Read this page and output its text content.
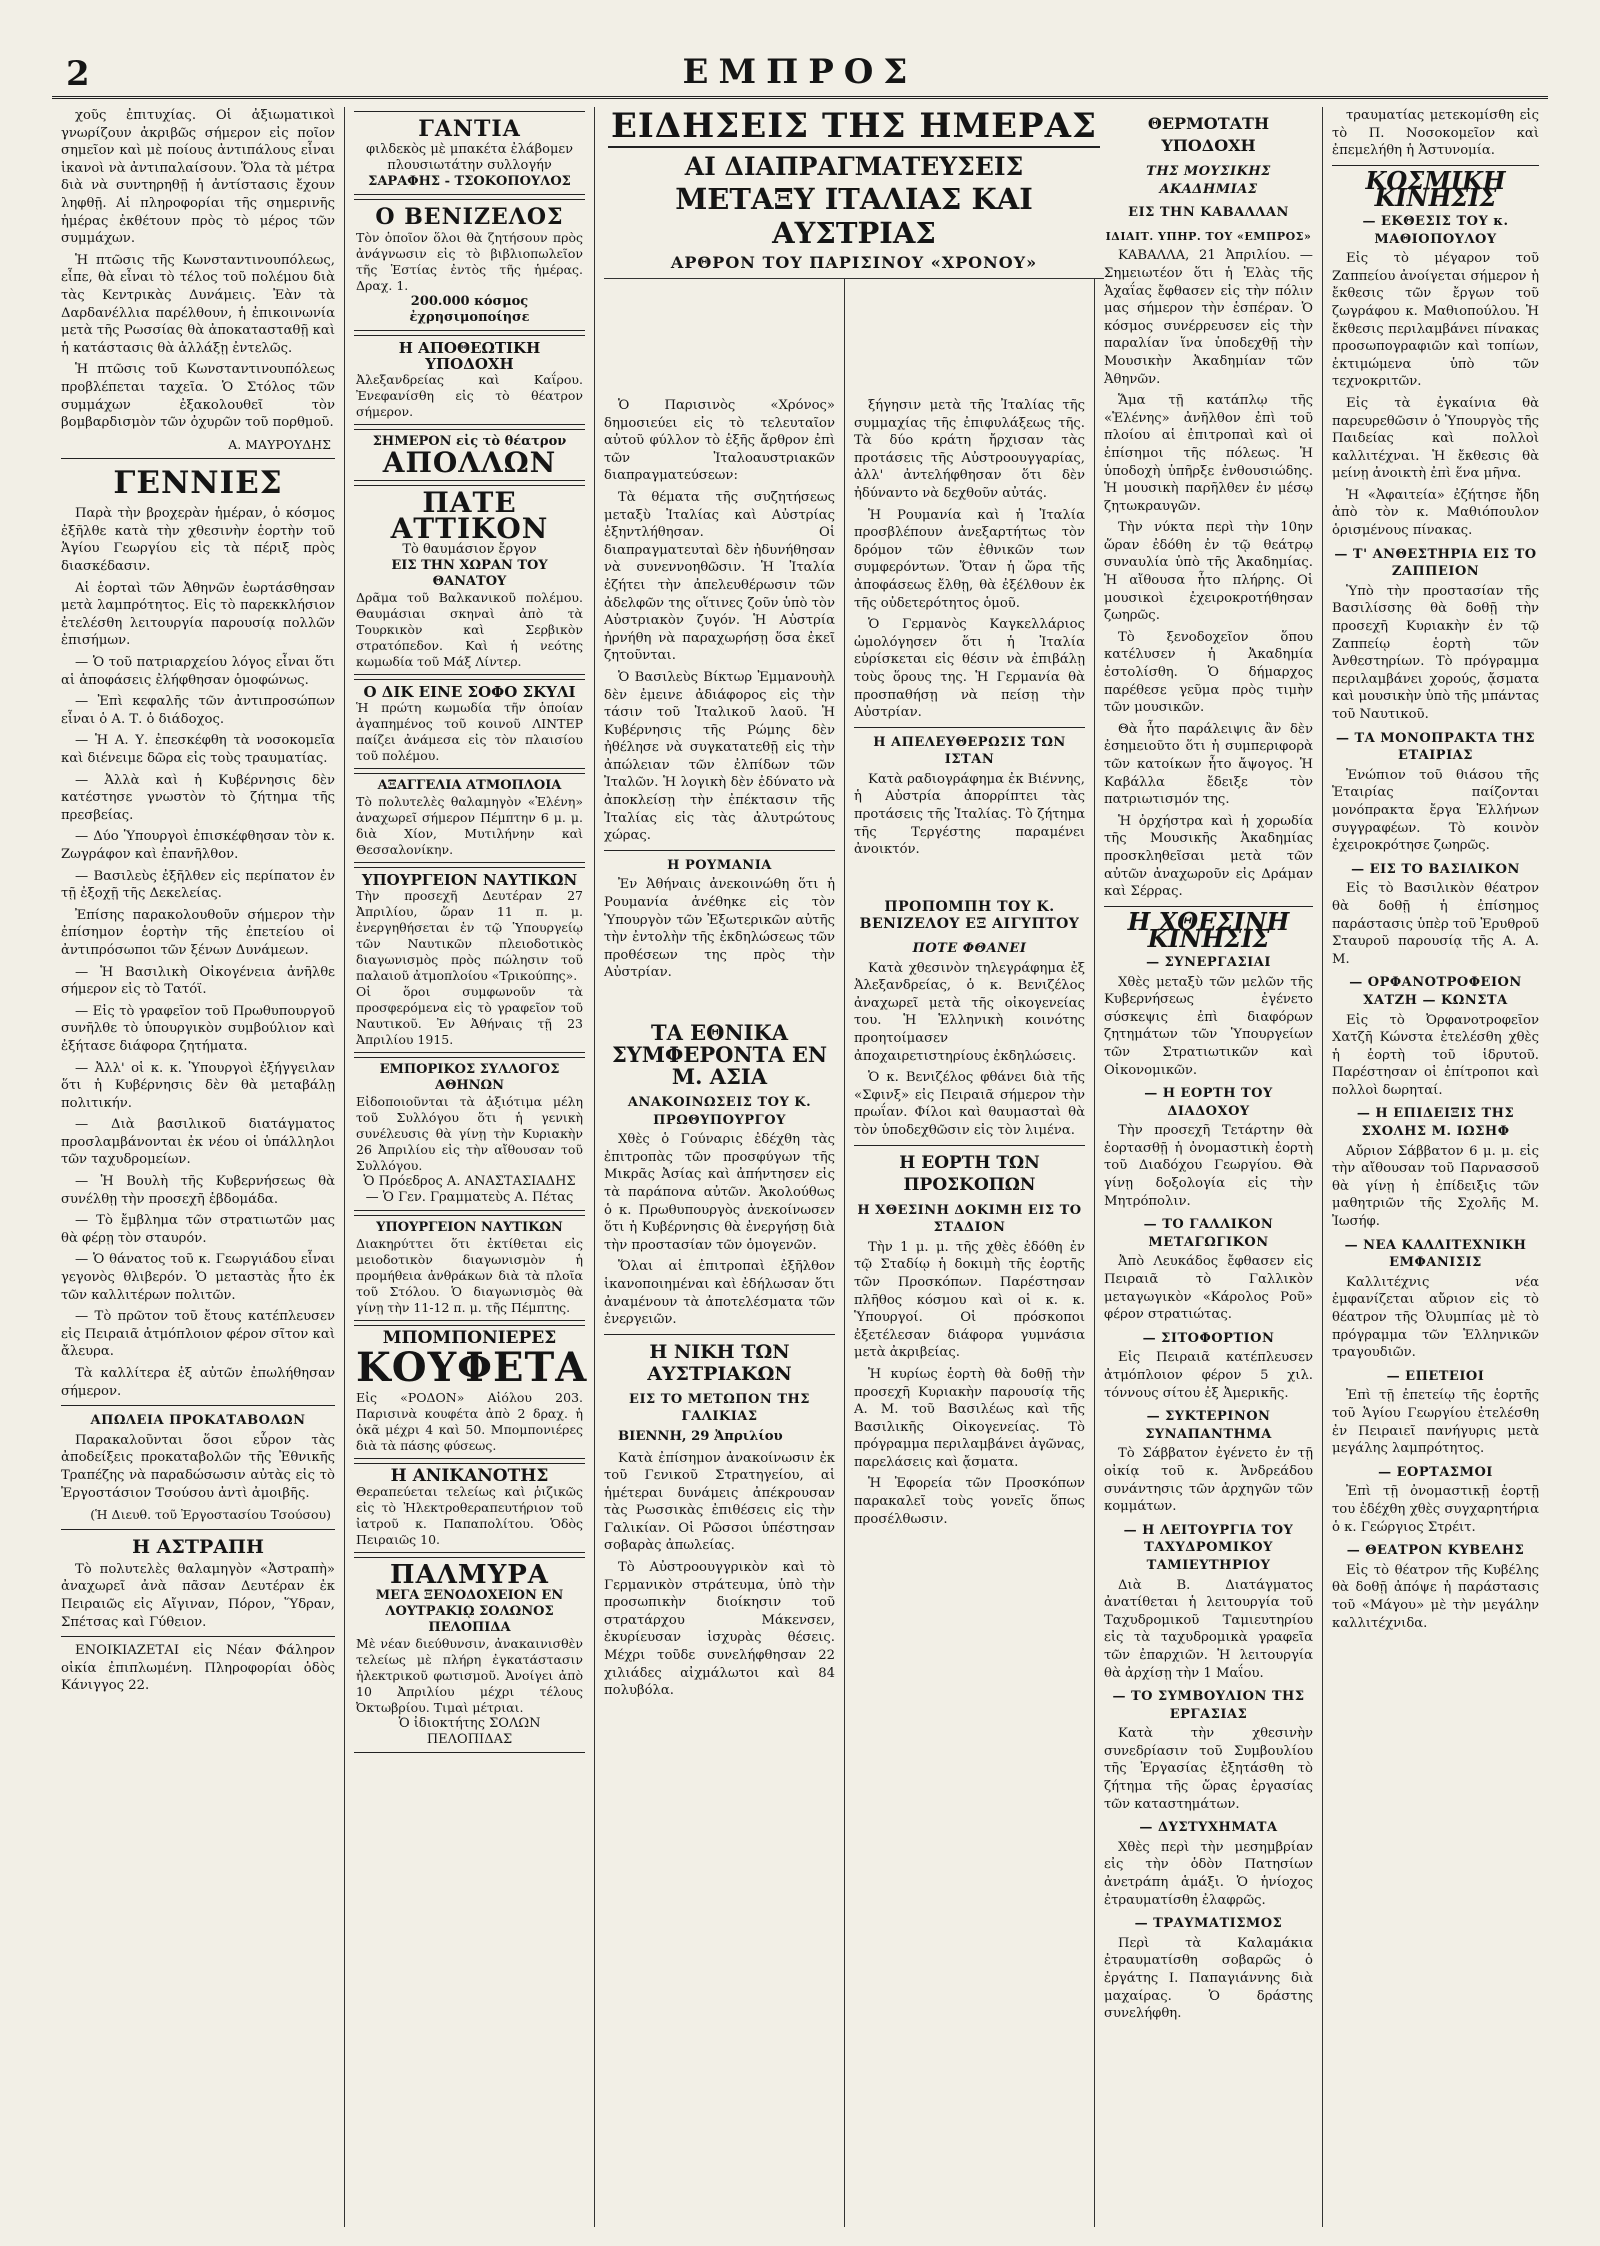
2	ΕΜΠΡΟΣ

χοῦς ἐπιτυχίας. Οἱ ἀξιωματικοὶ γνωρίζουν ἀκριβῶς σήμερον εἰς ποῖον σημεῖον καὶ μὲ ποίους ἀντιπάλους εἶναι ἱκανοὶ νὰ ἀντιπαλαίσουν. Ὅλα τὰ μέτρα διὰ νὰ συντηρηθῇ ἡ ἀντίστασις ἔχουν ληφθῇ. Αἱ πληροφορίαι τῆς σημερινῆς ἡμέρας ἐκθέτουν πρὸς τὸ μέρος τῶν συμμάχων.

Ἡ πτῶσις τῆς Κωνσταντινουπόλεως, εἶπε, θὰ εἶναι τὸ τέλος τοῦ πολέμου διὰ τὰς Κεντρικὰς Δυνάμεις. Ἐὰν τὰ Δαρδανέλλια παρέλθουν, ἡ ἐπικοινωνία μετὰ τῆς Ρωσσίας θὰ ἀποκατασταθῇ καὶ ἡ κατάστασις θὰ ἀλλάξῃ ἐντελῶς.

Ἡ πτῶσις τοῦ Κωνσταντινουπόλεως προβλέπεται ταχεῖα. Ὁ Στόλος τῶν συμμάχων ἐξακολουθεῖ τὸν βομβαρδισμὸν τῶν ὀχυρῶν τοῦ πορθμοῦ.

Α. ΜΑΥΡΟΥΔΗΣ
ΓΕΝΝΙΕΣ

Παρὰ τὴν βροχερὰν ἡμέραν, ὁ κόσμος ἐξῆλθε κατὰ τὴν χθεσινὴν ἑορτὴν τοῦ Ἁγίου Γεωργίου εἰς τὰ πέριξ πρὸς διασκέδασιν.

Αἱ ἑορταὶ τῶν Ἀθηνῶν ἐωρτάσθησαν μετὰ λαμπρότητος. Εἰς τὸ παρεκκλήσιον ἐτελέσθη λειτουργία παρουσίᾳ πολλῶν ἐπισήμων.

— Ὁ τοῦ πατριαρχείου λόγος εἶναι ὅτι αἱ ἀποφάσεις ἐλήφθησαν ὁμοφώνως.

— Ἐπὶ κεφαλῆς τῶν ἀντιπροσώπων εἶναι ὁ Α. Τ. ὁ διάδοχος.

— Ἡ Α. Υ. ἐπεσκέφθη τὰ νοσοκομεῖα καὶ διένειμε δῶρα εἰς τοὺς τραυματίας.

— Ἀλλὰ καὶ ἡ Κυβέρνησις δὲν κατέστησε γνωστὸν τὸ ζήτημα τῆς πρεσβείας.

— Δύο Ὑπουργοὶ ἐπισκέφθησαν τὸν κ. Ζωγράφον καὶ ἐπανῆλθον.

— Βασιλεὺς ἐξῆλθεν εἰς περίπατον ἐν τῇ ἐξοχῇ τῆς Δεκελείας.

Ἐπίσης παρακολουθοῦν σήμερον τὴν ἐπίσημον ἑορτὴν τῆς ἐπετείου οἱ ἀντιπρόσωποι τῶν ξένων Δυνάμεων.

— Ἡ Βασιλικὴ Οἰκογένεια ἀνῆλθε σήμερον εἰς τὸ Τατόϊ.

— Εἰς τὸ γραφεῖον τοῦ Πρωθυπουργοῦ συνῆλθε τὸ ὑπουργικὸν συμβούλιον καὶ ἐξήτασε διάφορα ζητήματα.

— Ἀλλ' οἱ κ. κ. Ὑπουργοὶ ἐξήγγειλαν ὅτι ἡ Κυβέρνησις δὲν θὰ μεταβάλῃ πολιτικήν.

— Διὰ βασιλικοῦ διατάγματος προσλαμβάνονται ἐκ νέου οἱ ὑπάλληλοι τῶν ταχυδρομείων.

— Ἡ Βουλὴ τῆς Κυβερνήσεως θὰ συνέλθῃ τὴν προσεχῆ ἑβδομάδα.

— Τὸ ἔμβλημα τῶν στρατιωτῶν μας θὰ φέρῃ τὸν σταυρόν.

— Ὁ θάνατος τοῦ κ. Γεωργιάδου εἶναι γεγονὸς θλιβερόν. Ὁ μεταστὰς ἦτο ἐκ τῶν καλλιτέρων πολιτῶν.

— Τὸ πρῶτον τοῦ ἔτους κατέπλευσεν εἰς Πειραιᾶ ἀτμόπλοιον φέρον σῖτον καὶ ἄλευρα.

Τὰ καλλίτερα ἐξ αὐτῶν ἐπωλήθησαν σήμερον.

ΑΠΩΛΕΙΑ ΠΡΟΚΑΤΑΒΟΛΩΝ

Παρακαλοῦνται ὅσοι εὗρον τὰς ἀποδείξεις προκαταβολῶν τῆς Ἐθνικῆς Τραπέζης νὰ παραδώσωσιν αὐτὰς εἰς τὸ Ἐργοστάσιον Τσούσου ἀντὶ ἀμοιβῆς.

(Ἡ Διευθ. τοῦ Ἐργοστασίου Τσούσου)
Η ΑΣΤΡΑΠΗ

Τὸ πολυτελὲς θαλαμηγὸν «Ἀστραπὴ» ἀναχωρεῖ ἀνὰ πᾶσαν Δευτέραν ἐκ Πειραιῶς εἰς Αἴγιναν, Πόρον, Ὕδραν, Σπέτσας καὶ Γύθειον.

ΕΝΟΙΚΙΑΖΕΤΑΙ εἰς Νέαν Φάληρον οἰκία ἐπιπλωμένη. Πληροφορίαι ὁδὸς Κάνιγγος 22.

ΓΑΝΤΙΑ
φιλδεκὸς μὲ μπακέτα ἐλάβομεν πλουσιωτάτην συλλογήν
ΣΑΡΑΦΗΣ - ΤΣΟΚΟΠΟΥΛΟΣ
Ο ΒΕΝΙΖΕΛΟΣ
Τὸν ὁποῖον ὅλοι θὰ ζητήσουν πρὸς ἀνάγνωσιν εἰς τὸ βιβλιοπωλεῖον τῆς Ἑστίας ἐντὸς τῆς ἡμέρας. Δραχ. 1.
200.000 κόσμος ἐχρησιμοποίησε
Η ΑΠΟΘΕΩΤΙΚΗ ΥΠΟΔΟΧΗ
Ἀλεξανδρείας καὶ Καΐρου. Ἐνεφανίσθη εἰς τὸ θέατρον σήμερον.
ΣΗΜΕΡΟΝ εἰς τὸ θέατρον
ΑΠΟΛΛΩΝ
ΠΑΤΕ ΑΤΤΙΚΟΝ
Τὸ θαυμάσιον ἔργον
ΕΙΣ ΤΗΝ ΧΩΡΑΝ ΤΟΥ ΘΑΝΑΤΟΥ
Δρᾶμα τοῦ Βαλκανικοῦ πολέμου. Θαυμάσιαι σκηναὶ ἀπὸ τὰ Τουρκικὸν καὶ Σερβικὸν στρατόπεδον. Καὶ ἡ νεότης κωμωδία τοῦ Μάξ Λίντερ.
Ο ΔΙΚ ΕΙΝΕ ΣΟΦΟ ΣΚΥΛΙ
Ἡ πρώτη κωμωδία τῆν ὁποίαν ἀγαπημένος τοῦ κοινοῦ ΛΙΝΤΕΡ παίζει ἀνάμεσα εἰς τὸν πλαισίου τοῦ πολέμου.
ΑΞΑΓΓΕΛΙΑ ΑΤΜΟΠΛΟΙΑ
Τὸ πολυτελὲς θαλαμηγὸν «Ἑλένη» ἀναχωρεῖ σήμερον Πέμπτην 6 μ. μ. διὰ Χίον, Μυτιλήνην καὶ Θεσσαλονίκην.
ΥΠΟΥΡΓΕΙΟΝ ΝΑΥΤΙΚΩΝ
Τὴν προσεχῆ Δευτέραν 27 Ἀπριλίου, ὥραν 11 π. μ. ἐνεργηθήσεται ἐν τῷ Ὑπουργείῳ τῶν Ναυτικῶν πλειοδοτικὸς διαγωνισμὸς πρὸς πώλησιν τοῦ παλαιοῦ ἀτμοπλοίου «Τρικούπης».
Οἱ ὅροι συμφωνοῦν τὰ προσφερόμενα εἰς τὸ γραφεῖον τοῦ Ναυτικοῦ. Ἐν Ἀθήναις τῇ 23 Ἀπριλίου 1915.
ΕΜΠΟΡΙΚΟΣ ΣΥΛΛΟΓΟΣ ΑΘΗΝΩΝ
Εἰδοποιοῦνται τὰ ἀξιότιμα μέλη τοῦ Συλλόγου ὅτι ἡ γενικὴ συνέλευσις θὰ γίνῃ τὴν Κυριακὴν 26 Ἀπριλίου εἰς τὴν αἴθουσαν τοῦ Συλλόγου.
Ὁ Πρόεδρος Α. ΑΝΑΣΤΑΣΙΑΔΗΣ — Ὁ Γεν. Γραμματεὺς Α. Πέτας
ΥΠΟΥΡΓΕΙΟΝ ΝΑΥΤΙΚΩΝ
Διακηρύττει ὅτι ἐκτίθεται εἰς μειοδοτικὸν διαγωνισμὸν ἡ προμήθεια ἀνθράκων διὰ τὰ πλοῖα τοῦ Στόλου. Ὁ διαγωνισμὸς θὰ γίνῃ τὴν 11-12 π. μ. τῆς Πέμπτης.
ΜΠΟΜΠΟΝΙΕΡΕΣ
ΚΟΥΦΕΤΑ
Εἰς «ΡΟΔΟΝ» Αἰόλου 203. Παρισινὰ κουφέτα ἀπὸ 2 δραχ. ἡ ὀκᾶ μέχρι 4 καὶ 50. Μπομπονιέρες διὰ τὰ πάσης φύσεως.
Η ΑΝΙΚΑΝΟΤΗΣ
Θεραπεύεται τελείως καὶ ῥιζικῶς εἰς τὸ Ἠλεκτροθεραπευτήριον τοῦ ἰατροῦ κ. Παπαπολίτου. Ὁδὸς Πειραιῶς 10.
ΠΑΛΜΥΡΑ
ΜΕΓΑ ΞΕΝΟΔΟΧΕΙΟΝ ΕΝ ΛΟΥΤΡΑΚΙῼ ΣΟΛΩΝΟΣ ΠΕΛΟΠΙΔΑ
Μὲ νέαν διεύθυνσιν, ἀνακαινισθὲν τελείως μὲ πλήρη ἐγκατάστασιν ἠλεκτρικοῦ φωτισμοῦ. Ἀνοίγει ἀπὸ 10 Ἀπριλίου μέχρι τέλους Ὀκτωβρίου. Τιμαὶ μέτριαι.
Ὁ ἰδιοκτήτης ΣΟΛΩΝ ΠΕΛΟΠΙΔΑΣ

Ὁ Παρισινὸς «Χρόνος» δημοσιεύει εἰς τὸ τελευταῖον αὐτοῦ φύλλον τὸ ἑξῆς ἄρθρον ἐπὶ τῶν Ἰταλοαυστριακῶν διαπραγματεύσεων:

Τὰ θέματα τῆς συζητήσεως μεταξὺ Ἰταλίας καὶ Αὐστρίας ἐξηντλήθησαν. Οἱ διαπραγματευταὶ δὲν ἠδυνήθησαν νὰ συνεννοηθῶσιν. Ἡ Ἰταλία ἐζήτει τὴν ἀπελευθέρωσιν τῶν ἀδελφῶν της οἵτινες ζοῦν ὑπὸ τὸν Αὐστριακὸν ζυγόν. Ἡ Αὐστρία ἠρνήθη νὰ παραχωρήσῃ ὅσα ἐκεῖ ζητοῦνται.

Ὁ Βασιλεὺς Βίκτωρ Ἐμμανουὴλ δὲν ἐμεινε ἀδιάφορος εἰς τὴν τάσιν τοῦ Ἰταλικοῦ λαοῦ. Ἡ Κυβέρνησις τῆς Ρώμης δὲν ἠθέλησε νὰ συγκατατεθῇ εἰς τὴν ἀπώλειαν τῶν ἐλπίδων τῶν Ἰταλῶν. Ἡ λογικὴ δὲν ἐδύνατο νὰ ἀποκλείσῃ τὴν ἐπέκτασιν τῆς Ἰταλίας εἰς τὰς ἀλυτρώτους χώρας.

Η ΡΟΥΜΑΝΙΑ

Ἐν Ἀθήναις ἀνεκοινώθη ὅτι ἡ Ρουμανία ἀνέθηκε εἰς τὸν Ὑπουργὸν τῶν Ἐξωτερικῶν αὐτῆς τὴν ἐντολὴν τῆς ἐκδηλώσεως τῶν προθέσεων της πρὸς τὴν Αὐστρίαν.

ΤΑ ΕΘΝΙΚΑ ΣΥΜΦΕΡΟΝΤΑ ΕΝ Μ. ΑΣΙΑ
ΑΝΑΚΟΙΝΩΣΕΙΣ ΤΟΥ Κ. ΠΡΩΘΥΠΟΥΡΓΟΥ

Χθὲς ὁ Γούναρις ἐδέχθη τὰς ἐπιτροπὰς τῶν προσφύγων τῆς Μικρᾶς Ἀσίας καὶ ἀπήντησεν εἰς τὰ παράπονα αὐτῶν. Ἀκολούθως ὁ κ. Πρωθυπουργὸς ἀνεκοίνωσεν ὅτι ἡ Κυβέρνησις θὰ ἐνεργήσῃ διὰ τὴν προστασίαν τῶν ὁμογενῶν.

Ὅλαι αἱ ἐπιτροπαὶ ἐξῆλθον ἱκανοποιημέναι καὶ ἐδήλωσαν ὅτι ἀναμένουν τὰ ἀποτελέσματα τῶν ἐνεργειῶν.

Η ΝΙΚΗ ΤΩΝ ΑΥΣΤΡΙΑΚΩΝ
ΕΙΣ ΤΟ ΜΕΤΩΠΟΝ ΤΗΣ ΓΑΛΙΚΙΑΣ

ΒΙΕΝΝΗ, 29 Ἀπριλίου

Κατὰ ἐπίσημον ἀνακοίνωσιν ἐκ τοῦ Γενικοῦ Στρατηγείου, αἱ ἡμέτεραι δυνάμεις ἀπέκρουσαν τὰς Ρωσσικὰς ἐπιθέσεις εἰς τὴν Γαλικίαν. Οἱ Ρῶσσοι ὑπέστησαν σοβαρὰς ἀπωλείας.

Τὸ Αὐστροουγγρικὸν καὶ τὸ Γερμανικὸν στράτευμα, ὑπὸ τὴν προσωπικὴν διοίκησιν τοῦ στρατάρχου Μάκενσεν, ἐκυρίευσαν ἰσχυρὰς θέσεις. Μέχρι τοῦδε συνελήφθησαν 22 χιλιάδες αἰχμάλωτοι καὶ 84 πολυβόλα.

ξήγησιν μετὰ τῆς Ἰταλίας τῆς συμμαχίας τῆς ἐπιφυλάξεως τῆς. Τὰ δύο κράτη ἤρχισαν τὰς προτάσεις τῆς Αὐστροουγγαρίας, ἀλλ' ἀντελήφθησαν ὅτι δὲν ἠδύναντο νὰ δεχθοῦν αὐτάς.

Ἡ Ρουμανία καὶ ἡ Ἰταλία προσβλέπουν ἀνεξαρτήτως τὸν δρόμον τῶν ἐθνικῶν των συμφερόντων. Ὅταν ἡ ὥρα τῆς ἀποφάσεως ἔλθῃ, θὰ ἐξέλθουν ἐκ τῆς οὐδετερότητος ὁμοῦ.

Ὁ Γερμανὸς Καγκελλάριος ὡμολόγησεν ὅτι ἡ Ἰταλία εὑρίσκεται εἰς θέσιν νὰ ἐπιβάλῃ τοὺς ὅρους της. Ἡ Γερμανία θὰ προσπαθήσῃ νὰ πείσῃ τὴν Αὐστρίαν.

Η ΑΠΕΛΕΥΘΕΡΩΣΙΣ ΤΩΝ ΙΣΤΑΝ

Κατὰ ραδιογράφημα ἐκ Βιέννης, ἡ Αὐστρία ἀπορρίπτει τὰς προτάσεις τῆς Ἰταλίας. Τὸ ζήτημα τῆς Τεργέστης παραμένει ἀνοικτόν.

ΠΡΟΠΟΜΠΗ ΤΟΥ Κ. ΒΕΝΙΖΕΛΟΥ ΕΞ ΑΙΓΥΠΤΟΥ
ΠΟΤΕ ΦΘΑΝΕΙ

Κατὰ χθεσινὸν τηλεγράφημα ἐξ Ἀλεξανδρείας, ὁ κ. Βενιζέλος ἀναχωρεῖ μετὰ τῆς οἰκογενείας του. Ἡ Ἑλληνικὴ κοινότης προητοίμασεν ἀποχαιρετιστηρίους ἐκδηλώσεις.

Ὁ κ. Βενιζέλος φθάνει διὰ τῆς «Σφινξ» εἰς Πειραιᾶ σήμερον τὴν πρωΐαν. Φίλοι καὶ θαυμασταὶ θὰ τὸν ὑποδεχθῶσιν εἰς τὸν λιμένα.

Η ΕΟΡΤΗ ΤΩΝ ΠΡΟΣΚΟΠΩΝ
Η ΧΘΕΣΙΝΗ ΔΟΚΙΜΗ ΕΙΣ ΤΟ ΣΤΑΔΙΟΝ

Τὴν 1 μ. μ. τῆς χθὲς ἐδόθη ἐν τῷ Σταδίῳ ἡ δοκιμὴ τῆς ἑορτῆς τῶν Προσκόπων. Παρέστησαν πλῆθος κόσμου καὶ οἱ κ. κ. Ὑπουργοί. Οἱ πρόσκοποι ἐξετέλεσαν διάφορα γυμνάσια μετὰ ἀκριβείας.

Ἡ κυρίως ἑορτὴ θὰ δοθῇ τὴν προσεχῆ Κυριακὴν παρουσίᾳ τῆς Α. Μ. τοῦ Βασιλέως καὶ τῆς Βασιλικῆς Οἰκογενείας. Τὸ πρόγραμμα περιλαμβάνει ἀγῶνας, παρελάσεις καὶ ᾄσματα.

Ἡ Ἐφορεία τῶν Προσκόπων παρακαλεῖ τοὺς γονεῖς ὅπως προσέλθωσιν.

ΘΕΡΜΟΤΑΤΗ ΥΠΟΔΟΧΗ
ΤΗΣ ΜΟΥΣΙΚΗΣ ΑΚΑΔΗΜΙΑΣ
ΕΙΣ ΤΗΝ ΚΑΒΑΛΛΑΝ
ΙΔΙΑΙΤ. ΥΠΗΡ. ΤΟΥ «ΕΜΠΡΟΣ»

ΚΑΒΑΛΛΑ, 21 Ἀπριλίου. — Σημειωτέον ὅτι ἡ Ἑλὰς τῆς Ἀχαΐας ἔφθασεν εἰς τὴν πόλιν μας σήμερον τὴν ἑσπέραν. Ὁ κόσμος συνέρρευσεν εἰς τὴν παραλίαν ἵνα ὑποδεχθῇ τὴν Μουσικὴν Ἀκαδημίαν τῶν Ἀθηνῶν.

Ἅμα τῇ κατάπλῳ τῆς «Ἑλένης» ἀνῆλθον ἐπὶ τοῦ πλοίου αἱ ἐπιτροπαὶ καὶ οἱ ἐπίσημοι τῆς πόλεως. Ἡ ὑποδοχὴ ὑπῆρξε ἐνθουσιώδης. Ἡ μουσικὴ παρῆλθεν ἐν μέσῳ ζητωκραυγῶν.

Τὴν νύκτα περὶ τὴν 10ην ὥραν ἐδόθη ἐν τῷ θεάτρῳ συναυλία ὑπὸ τῆς Ἀκαδημίας. Ἡ αἴθουσα ἦτο πλήρης. Οἱ μουσικοὶ ἐχειροκροτήθησαν ζωηρῶς.

Τὸ ξενοδοχεῖον ὅπου κατέλυσεν ἡ Ἀκαδημία ἐστολίσθη. Ὁ δήμαρχος παρέθεσε γεῦμα πρὸς τιμὴν τῶν μουσικῶν.

Θὰ ἦτο παράλειψις ἂν δὲν ἐσημειοῦτο ὅτι ἡ συμπεριφορὰ τῶν κατοίκων ἦτο ἄψογος. Ἡ Καβάλλα ἔδειξε τὸν πατριωτισμόν της.

Ἡ ὀρχήστρα καὶ ἡ χορωδία τῆς Μουσικῆς Ἀκαδημίας προσκληθεῖσαι μετὰ τῶν αὐτῶν ἀναχωροῦν εἰς Δράμαν καὶ Σέρρας.

Η ΧΘΕΣΙΝΗ ΚΙΝΗΣΙΣ
— ΣΥΝΕΡΓΑΣΙΑΙ

Χθὲς μεταξὺ τῶν μελῶν τῆς Κυβερνήσεως ἐγένετο σύσκεψις ἐπὶ διαφόρων ζητημάτων τῶν Ὑπουργείων τῶν Στρατιωτικῶν καὶ Οἰκονομικῶν.

— Η ΕΟΡΤΗ ΤΟΥ ΔΙΑΔΟΧΟΥ

Τὴν προσεχῆ Τετάρτην θὰ ἑορτασθῇ ἡ ὀνομαστικὴ ἑορτὴ τοῦ Διαδόχου Γεωργίου. Θὰ γίνῃ δοξολογία εἰς τὴν Μητρόπολιν.

— ΤΟ ΓΑΛΛΙΚΟΝ ΜΕΤΑΓΩΓΙΚΟΝ

Ἀπὸ Λευκάδος ἔφθασεν εἰς Πειραιᾶ τὸ Γαλλικὸν μεταγωγικὸν «Κάρολος Ροῦ» φέρον στρατιώτας.

— ΣΙΤΟΦΟΡΤΙΟΝ

Εἰς Πειραιᾶ κατέπλευσεν ἀτμόπλοιον φέρον 5 χιλ. τόννους σίτου ἐξ Ἀμερικῆς.

— ΣΥΚΤΕΡΙΝΟΝ ΣΥΝΑΠΑΝΤΗΜΑ

Τὸ Σάββατον ἐγένετο ἐν τῇ οἰκίᾳ τοῦ κ. Ἀνδρεάδου συνάντησις τῶν ἀρχηγῶν τῶν κομμάτων.

— Η ΛΕΙΤΟΥΡΓΙΑ ΤΟΥ ΤΑΧΥΔΡΟΜΙΚΟΥ ΤΑΜΙΕΥΤΗΡΙΟΥ

Διὰ Β. Διατάγματος ἀνατίθεται ἡ λειτουργία τοῦ Ταχυδρομικοῦ Ταμιευτηρίου εἰς τὰ ταχυδρομικὰ γραφεῖα τῶν ἐπαρχιῶν. Ἡ λειτουργία θὰ ἀρχίσῃ τὴν 1 Μαΐου.

— ΤΟ ΣΥΜΒΟΥΛΙΟΝ ΤΗΣ ΕΡΓΑΣΙΑΣ

Κατὰ τὴν χθεσινὴν συνεδρίασιν τοῦ Συμβουλίου τῆς Ἐργασίας ἐξητάσθη τὸ ζήτημα τῆς ὥρας ἐργασίας τῶν καταστημάτων.

— ΔΥΣΤΥΧΗΜΑΤΑ

Χθὲς περὶ τὴν μεσημβρίαν εἰς τὴν ὁδὸν Πατησίων ἀνετράπη ἁμάξι. Ὁ ἡνίοχος ἐτραυματίσθη ἐλαφρῶς.

— ΤΡΑΥΜΑΤΙΣΜΟΣ

Περὶ τὰ Καλαμάκια ἐτραυματίσθη σοβαρῶς ὁ ἐργάτης Ι. Παπαγιάννης διὰ μαχαίρας. Ὁ δράστης συνελήφθη.

τραυματίας μετεκομίσθη εἰς τὸ Π. Νοσοκομεῖον καὶ ἐπεμελήθη ἡ Ἀστυνομία.

ΚΟΣΜΙΚΗ ΚΙΝΗΣΙΣ
— ΕΚΘΕΣΙΣ ΤΟΥ κ. ΜΑΘΙΟΠΟΥΛΟΥ

Εἰς τὸ μέγαρον τοῦ Ζαππείου ἀνοίγεται σήμερον ἡ ἔκθεσις τῶν ἔργων τοῦ ζωγράφου κ. Μαθιοπούλου. Ἡ ἔκθεσις περιλαμβάνει πίνακας προσωπογραφιῶν καὶ τοπίων, ἐκτιμώμενα ὑπὸ τῶν τεχνοκριτῶν.

Εἰς τὰ ἐγκαίνια θὰ παρευρεθῶσιν ὁ Ὑπουργὸς τῆς Παιδείας καὶ πολλοὶ καλλιτέχναι. Ἡ ἔκθεσις θὰ μείνῃ ἀνοικτὴ ἐπὶ ἕνα μῆνα.

Ἡ «Ἀφαιτεία» ἐζήτησε ἤδη ἀπὸ τὸν κ. Μαθιόπουλον ὁρισμένους πίνακας.

— Τ' ΑΝΘΕΣΤΗΡΙΑ ΕΙΣ ΤΟ ΖΑΠΠΕΙΟΝ

Ὑπὸ τὴν προστασίαν τῆς Βασιλίσσης θὰ δοθῇ τὴν προσεχῆ Κυριακὴν ἐν τῷ Ζαππείῳ ἑορτὴ τῶν Ἀνθεστηρίων. Τὸ πρόγραμμα περιλαμβάνει χορούς, ᾄσματα καὶ μουσικὴν ὑπὸ τῆς μπάντας τοῦ Ναυτικοῦ.

— ΤΑ ΜΟΝΟΠΡΑΚΤΑ ΤΗΣ ΕΤΑΙΡΙΑΣ

Ἐνώπιον τοῦ θιάσου τῆς Ἑταιρίας παίζονται μονόπρακτα ἔργα Ἑλλήνων συγγραφέων. Τὸ κοινὸν ἐχειροκρότησε ζωηρῶς.

— ΕΙΣ ΤΟ ΒΑΣΙΛΙΚΟΝ

Εἰς τὸ Βασιλικὸν θέατρον θὰ δοθῇ ἡ ἐπίσημος παράστασις ὑπὲρ τοῦ Ἐρυθροῦ Σταυροῦ παρουσίᾳ τῆς Α. Α. Μ.

— ΟΡΦΑΝΟΤΡΟΦΕΙΟΝ ΧΑΤΖΗ — ΚΩΝΣΤΑ

Εἰς τὸ Ὀρφανοτροφεῖον Χατζῆ Κώνστα ἐτελέσθη χθὲς ἡ ἑορτὴ τοῦ ἱδρυτοῦ. Παρέστησαν οἱ ἐπίτροποι καὶ πολλοὶ δωρηταί.

— Η ΕΠΙΔΕΙΞΙΣ ΤΗΣ ΣΧΟΛΗΣ Μ. ΙΩΣΗΦ

Αὔριον Σάββατον 6 μ. μ. εἰς τὴν αἴθουσαν τοῦ Παρνασσοῦ θὰ γίνῃ ἡ ἐπίδειξις τῶν μαθητριῶν τῆς Σχολῆς Μ. Ἰωσήφ.

— ΝΕΑ ΚΑΛΛΙΤΕΧΝΙΚΗ ΕΜΦΑΝΙΣΙΣ

Καλλιτέχνις νέα ἐμφανίζεται αὔριον εἰς τὸ θέατρον τῆς Ὀλυμπίας μὲ τὸ πρόγραμμα τῶν Ἑλληνικῶν τραγουδιῶν.

— ΕΠΕΤΕΙΟΙ

Ἐπὶ τῇ ἐπετείῳ τῆς ἑορτῆς τοῦ Ἁγίου Γεωργίου ἐτελέσθη ἐν Πειραιεῖ πανήγυρις μετὰ μεγάλης λαμπρότητος.

— ΕΟΡΤΑΣΜΟΙ

Ἐπὶ τῇ ὀνομαστικῇ ἑορτῇ του ἐδέχθη χθὲς συγχαρητήρια ὁ κ. Γεώργιος Στρέιτ.

— ΘΕΑΤΡΟΝ ΚΥΒΕΛΗΣ

Εἰς τὸ θέατρον τῆς Κυβέλης θὰ δοθῇ ἀπόψε ἡ παράστασις τοῦ «Μάγου» μὲ τὴν μεγάλην καλλιτέχνιδα.

ΕΙΔΗΣΕΙΣ ΤΗΣ ΗΜΕΡΑΣ
ΑΙ ΔΙΑΠΡΑΓΜΑΤΕΥΣΕΙΣ
ΜΕΤΑΞΥ ΙΤΑΛΙΑΣ ΚΑΙ ΑΥΣΤΡΙΑΣ
ΑΡΘΡΟΝ ΤΟΥ ΠΑΡΙΣΙΝΟΥ «ΧΡΟΝΟΥ»
